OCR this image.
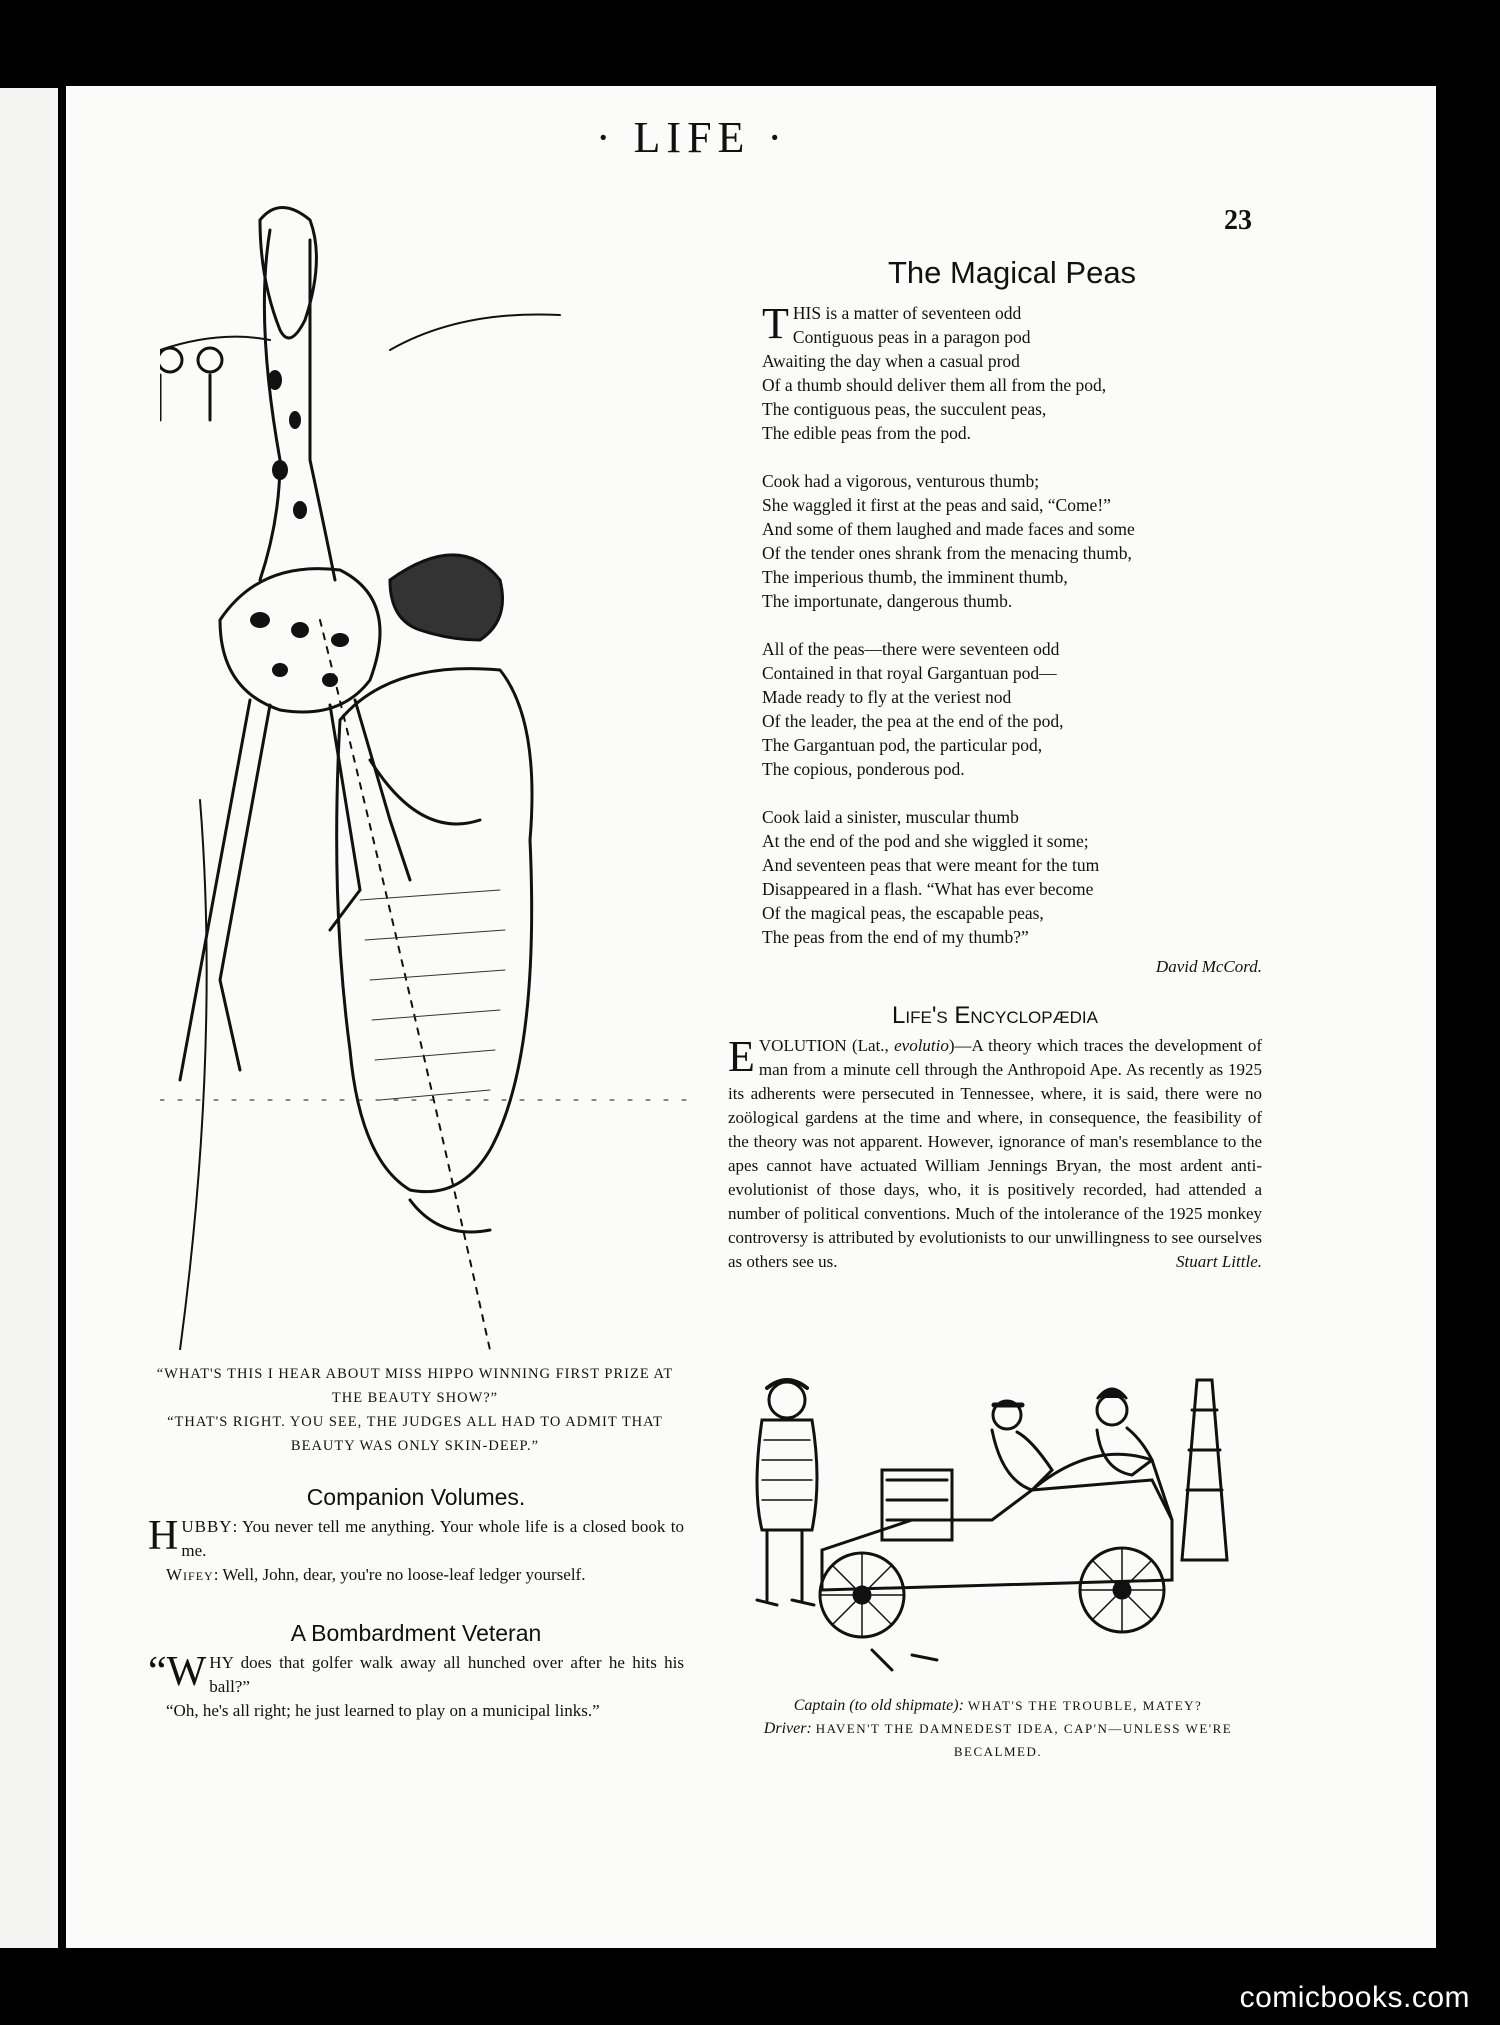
· LIFE ·
23

“WHAT'S THIS I HEAR ABOUT MISS HIPPO WINNING FIRST PRIZE AT THE BEAUTY SHOW?”

“THAT'S RIGHT. YOU SEE, THE JUDGES ALL HAD TO ADMIT THAT BEAUTY WAS ONLY SKIN-DEEP.”

The Magical Peas
T HIS is a matter of seventeen odd
Contiguous peas in a paragon pod
Awaiting the day when a casual prod
Of a thumb should deliver them all from the pod,
The contiguous peas, the succulent peas,
The edible peas from the pod.
Cook had a vigorous, venturous thumb;
She waggled it first at the peas and said, “Come!”
And some of them laughed and made faces and some
Of the tender ones shrank from the menacing thumb,
The imperious thumb, the imminent thumb,
The importunate, dangerous thumb.
All of the peas—there were seventeen odd
Contained in that royal Gargantuan pod—
Made ready to fly at the veriest nod
Of the leader, the pea at the end of the pod,
The Gargantuan pod, the particular pod,
The copious, ponderous pod.
Cook laid a sinister, muscular thumb
At the end of the pod and she wiggled it some;
And seventeen peas that were meant for the tum
Disappeared in a flash. “What has ever become
Of the magical peas, the escapable peas,
The peas from the end of my thumb?”
David McCord.
Life's Encyclopædia

EVOLUTION (Lat., evolutio)—A theory which traces the development of man from a minute cell through the Anthropoid Ape. As recently as 1925 its adherents were persecuted in Tennessee, where, it is said, there were no zoölogical gardens at the time and where, in consequence, the feasibility of the theory was not apparent. However, ignorance of man's resemblance to the apes cannot have actuated William Jennings Bryan, the most ardent anti-evolutionist of those days, who, it is positively recorded, had attended a number of political conventions. Much of the intolerance of the 1925 monkey controversy is attributed by evolutionists to our unwillingness to see ourselves as others see us.	Stuart Little.

Captain (to old shipmate): WHAT'S THE TROUBLE, MATEY?
Driver: HAVEN'T THE DAMNEDEST IDEA, CAP'N—UNLESS WE'RE BECALMED.
Companion Volumes.

HUBBY: You never tell me anything. Your whole life is a closed book to me.

Wifey: Well, John, dear, you're no loose-leaf ledger yourself.

A Bombardment Veteran

“WHY does that golfer walk away all hunched over after he hits his ball?”

“Oh, he's all right; he just learned to play on a municipal links.”

comicbooks.com
